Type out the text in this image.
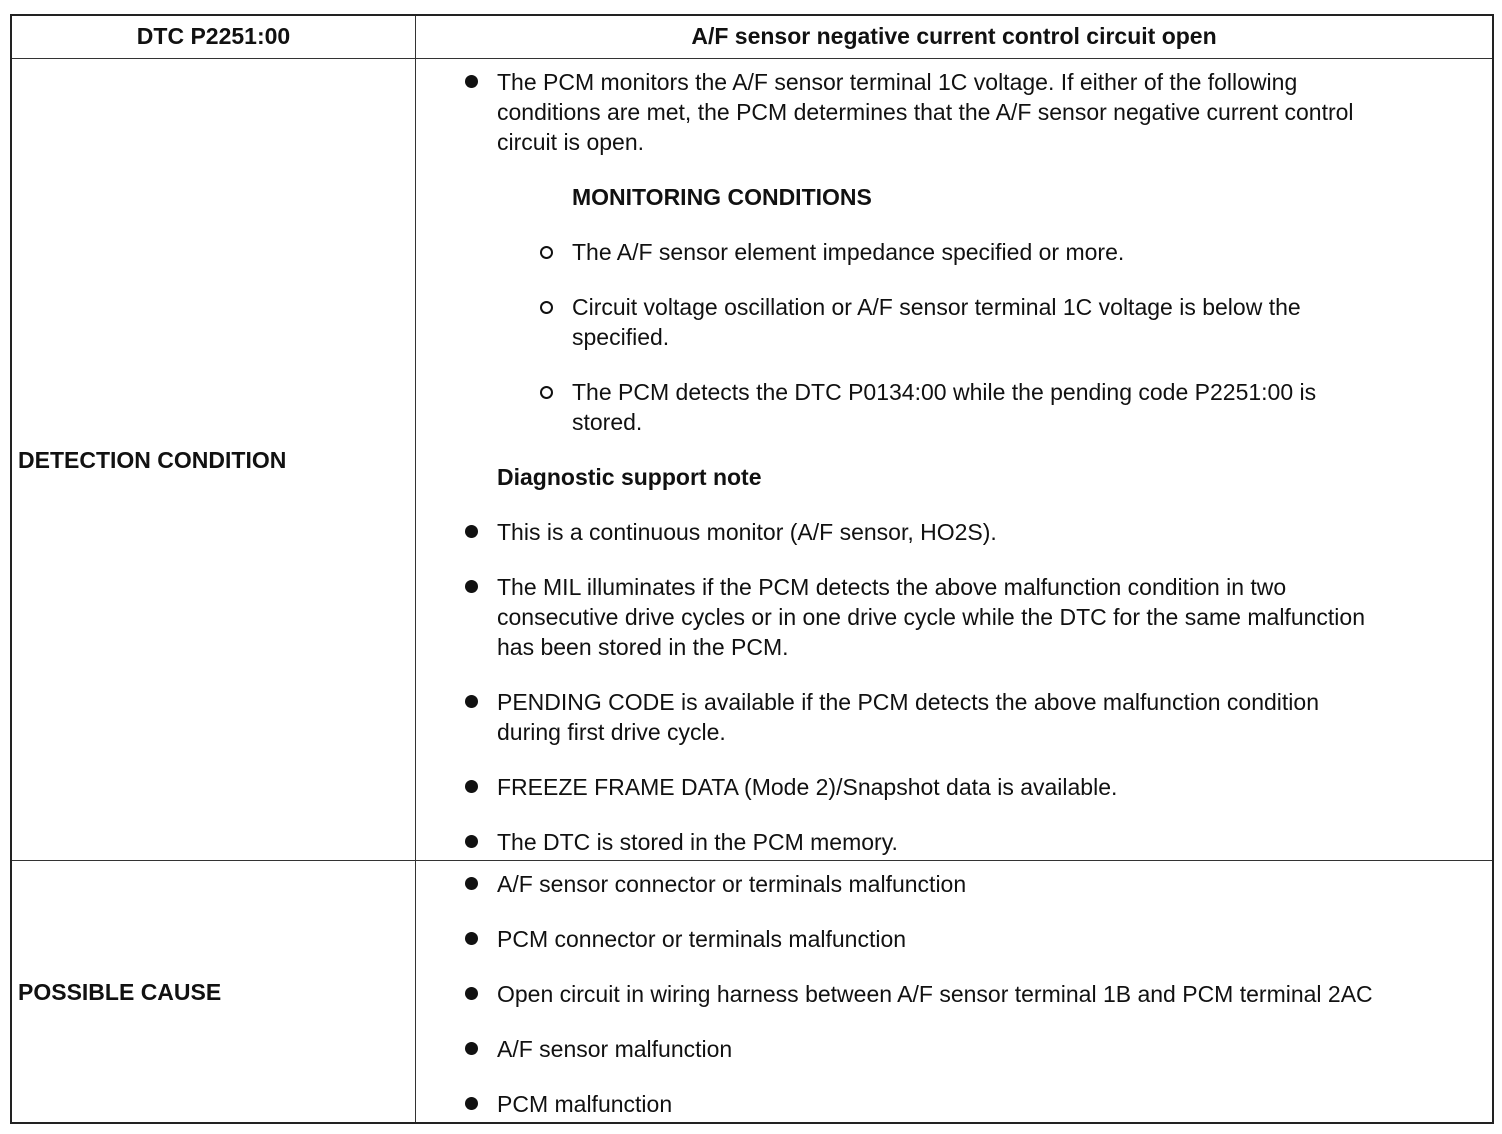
DTC P2251:00	A/F sensor negative current control circuit open
DETECTION CONDITION
The PCM monitors the A/F sensor terminal 1C voltage. If either of the following
conditions are met, the PCM determines that the A/F sensor negative current control
circuit is open.
MONITORING CONDITIONS
The A/F sensor element impedance specified or more.
Circuit voltage oscillation or A/F sensor terminal 1C voltage is below the
specified.
The PCM detects the DTC P0134:00 while the pending code P2251:00 is
stored.
Diagnostic support note
This is a continuous monitor (A/F sensor, HO2S).
The MIL illuminates if the PCM detects the above malfunction condition in two
consecutive drive cycles or in one drive cycle while the DTC for the same malfunction
has been stored in the PCM.
PENDING CODE is available if the PCM detects the above malfunction condition
during first drive cycle.
FREEZE FRAME DATA (Mode 2)/Snapshot data is available.
The DTC is stored in the PCM memory.
POSSIBLE CAUSE
A/F sensor connector or terminals malfunction
PCM connector or terminals malfunction
Open circuit in wiring harness between A/F sensor terminal 1B and PCM terminal 2AC
A/F sensor malfunction
PCM malfunction
